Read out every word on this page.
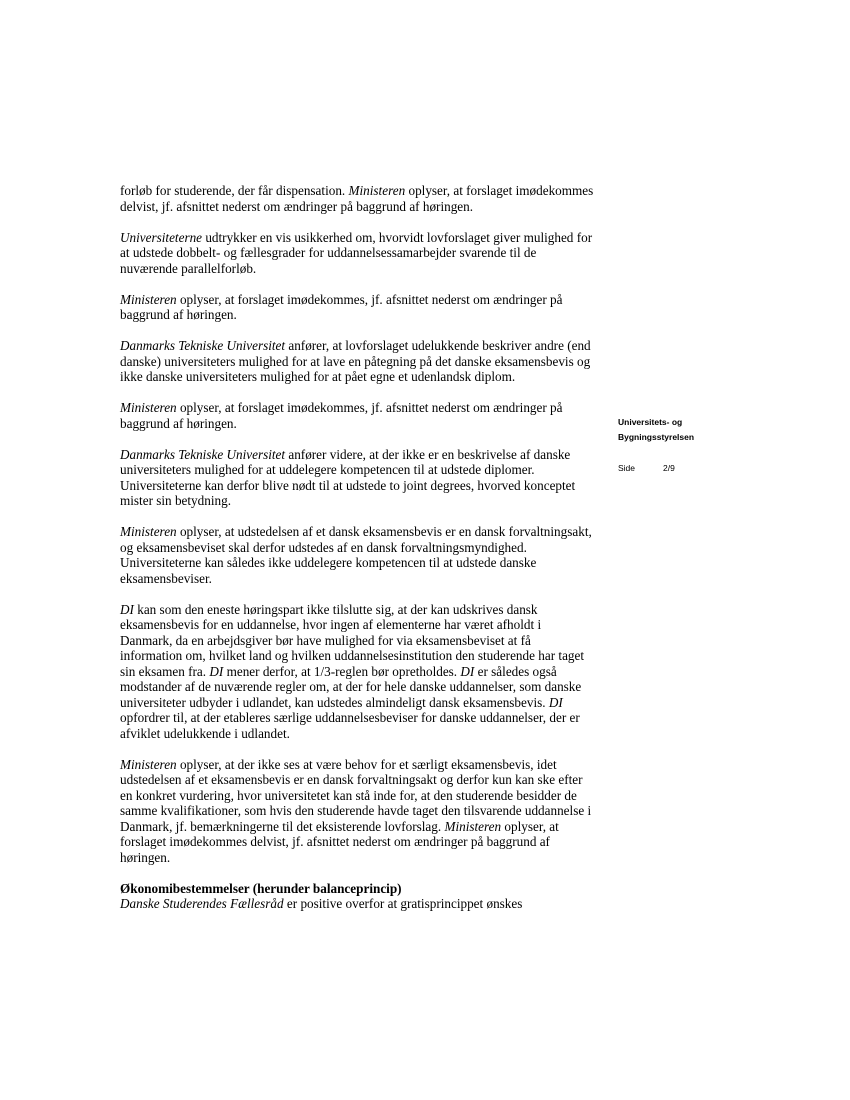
forløb for studerende, der får dispensation. Ministeren oplyser, at forslaget imødekommes delvist, jf. afsnittet nederst om ændringer på baggrund af høringen.

Universiteterne udtrykker en vis usikkerhed om, hvorvidt lovforslaget giver mulighed for at udstede dobbelt- og fællesgrader for uddannelsessamarbejder svarende til de nuværende parallelforløb.

Ministeren oplyser, at forslaget imødekommes, jf. afsnittet nederst om ændringer på baggrund af høringen.

Danmarks Tekniske Universitet anfører, at lovforslaget udelukkende beskriver andre (end danske) universiteters mulighed for at lave en påtegning på det danske eksamensbevis og ikke danske universiteters mulighed for at pået egne et udenlandsk diplom.

Ministeren oplyser, at forslaget imødekommes, jf. afsnittet nederst om ændringer på baggrund af høringen.

Danmarks Tekniske Universitet anfører videre, at der ikke er en beskrivelse af danske universiteters mulighed for at uddelegere kompetencen til at udstede diplomer. Universiteterne kan derfor blive nødt til at udstede to joint degrees, hvorved konceptet mister sin betydning.

Ministeren oplyser, at udstedelsen af et dansk eksamensbevis er en dansk forvaltningsakt, og eksamensbeviset skal derfor udstedes af en dansk forvaltningsmyndighed. Universiteterne kan således ikke uddelegere kompetencen til at udstede danske eksamensbeviser.

DI kan som den eneste høringspart ikke tilslutte sig, at der kan udskrives dansk eksamensbevis for en uddannelse, hvor ingen af elementerne har været afholdt i Danmark, da en arbejdsgiver bør have mulighed for via eksamensbeviset at få information om, hvilket land og hvilken uddannelsesinstitution den studerende har taget sin eksamen fra. DI mener derfor, at 1/3-reglen bør opretholdes. DI er således også modstander af de nuværende regler om, at der for hele danske uddannelser, som danske universiteter udbyder i udlandet, kan udstedes almindeligt dansk eksamensbevis. DI opfordrer til, at der etableres særlige uddannelsesbeviser for danske uddannelser, der er afviklet udelukkende i udlandet.

Ministeren oplyser, at der ikke ses at være behov for et særligt eksamensbevis, idet udstedelsen af et eksamensbevis er en dansk forvaltningsakt og derfor kun kan ske efter en konkret vurdering, hvor universitetet kan stå inde for, at den studerende besidder de samme kvalifikationer, som hvis den studerende havde taget den tilsvarende uddannelse i Danmark, jf. bemærkningerne til det eksisterende lovforslag. Ministeren oplyser, at forslaget imødekommes delvist, jf. afsnittet nederst om ændringer på baggrund af høringen.

Økonomibestemmelser (herunder balanceprincip)

Danske Studerendes Fællesråd er positive overfor at gratisprincippet ønskes

Universitets- og
Bygningsstyrelsen
Side	2/9
